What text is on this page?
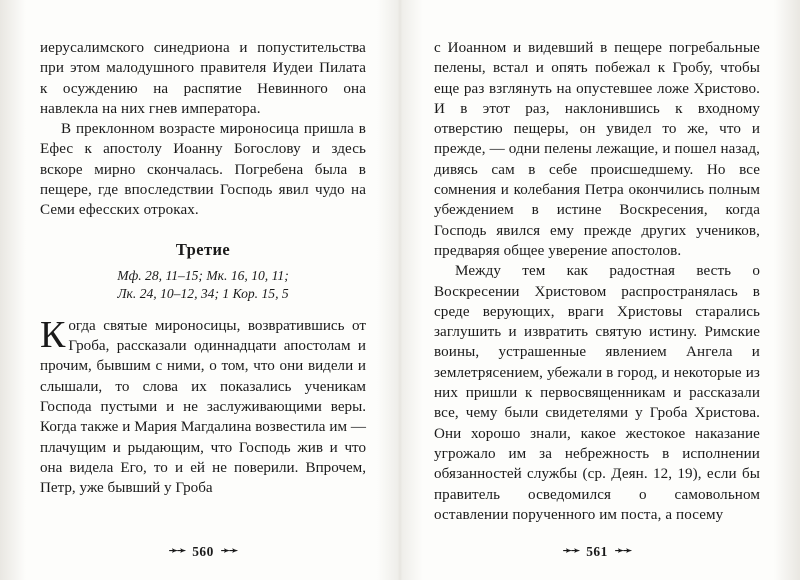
иерусалимского синедриона и попустительства при этом малодушного правителя Иудеи Пилата к осуждению на распятие Невинного она навлекла на них гнев императора.

В преклонном возрасте мироносица пришла в Ефес к апостолу Иоанну Богослову и здесь вскоре мирно скончалась. Погребена была в пещере, где впоследствии Господь явил чудо на Семи ефесских отроках.

Третие
Мф. 28, 11–15; Мк. 16, 10, 11;
Лк. 24, 10–12, 34; 1 Кор. 15, 5
Когда святые мироносицы, возвратившись от Гроба, рассказали одиннадцати апостолам и прочим, бывшим с ними, о том, что они видели и слышали, то слова их показались ученикам Господа пустыми и не заслуживающими веры. Когда также и Мария Магдалина возвестила им — плачущим и рыдающим, что Господь жив и что она видела Его, то и ей не поверили. Впрочем, Петр, уже бывший у Гроба
➛➛ 560 ➛➛

с Иоанном и видевший в пещере погребальные пелены, встал и опять побежал к Гробу, чтобы еще раз взглянуть на опустевшее ложе Христово. И в этот раз, наклонившись к входному отверстию пещеры, он увидел то же, что и прежде, — одни пелены лежащие, и пошел назад, дивясь сам в себе происшедшему. Но все сомнения и колебания Петра окончились полным убеждением в истине Воскресения, когда Господь явился ему прежде других учеников, предваряя общее уверение апостолов.

Между тем как радостная весть о Воскресении Христовом распространялась в среде верующих, враги Христовы старались заглушить и извратить святую истину. Римские воины, устрашенные явлением Ангела и землетрясением, убежали в город, и некоторые из них пришли к первосвященникам и рассказали все, чему были свидетелями у Гроба Христова. Они хорошо знали, какое жестокое наказание угрожало им за небрежность в исполнении обязанностей службы (ср. Деян. 12, 19), если бы правитель осведомился о самовольном оставлении порученного им поста, а посему

➛➛ 561 ➛➛
